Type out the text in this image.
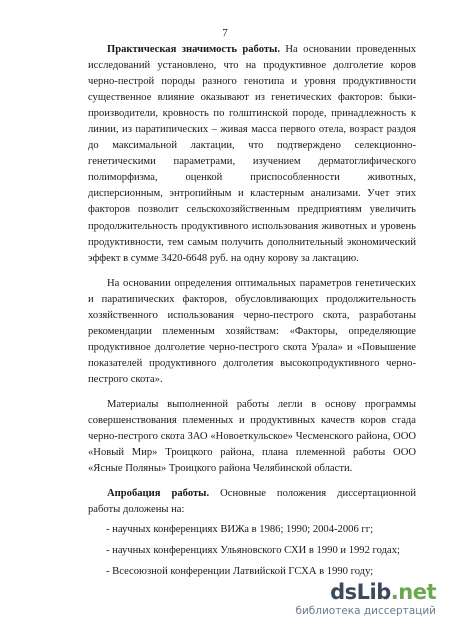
7

Практическая значимость работы. На основании проведенных исследований установлено, что на продуктивное долголетие коров черно-пестрой породы разного генотипа и уровня продуктивности существенное влияние оказывают из генетических факторов: быки-производители, кровность по голштинской породе, принадлежность к линии, из паратипических – живая масса первого отела, возраст раздоя до максимальной лактации, что подтверждено селекционно-генетическими параметрами, изучением дерматоглифического полиморфизма, оценкой приспособленности животных, дисперсионным, энтропийным и кластерным анализами. Учет этих факторов позволит сельскохозяйственным предприятиям увеличить продолжительность продуктивного использования животных и уровень продуктивности, тем самым получить дополнительный экономический эффект в сумме 3420-6648 руб. на одну корову за лактацию.

На основании определения оптимальных параметров генетических и паратипических факторов, обусловливающих продолжительность хозяйственного использования черно-пестрого скота, разработаны рекомендации племенным хозяйствам: «Факторы, определяющие продуктивное долголетие черно-пестрого скота Урала» и «Повышение показателей продуктивного долголетия высокопродуктивного черно-пестрого скота».

Материалы выполненной работы легли в основу программы совершенствования племенных и продуктивных качеств коров стада черно-пестрого скота ЗАО «Новоеткульское» Чесменского района, ООО «Новый Мир» Троицкого района, плана племенной работы ООО «Ясные Поляны» Троицкого района Челябинской области.

Апробация работы. Основные положения диссертационной работы доложены на:

- научных конференциях ВИЖа в 1986; 1990; 2004-2006 гг;
- научных конференциях Ульяновского СХИ в 1990 и 1992 годах;
- Всесоюзной конференции Латвийской ГСХА в 1990 году;
dsLib.net
библиотека диссертаций
